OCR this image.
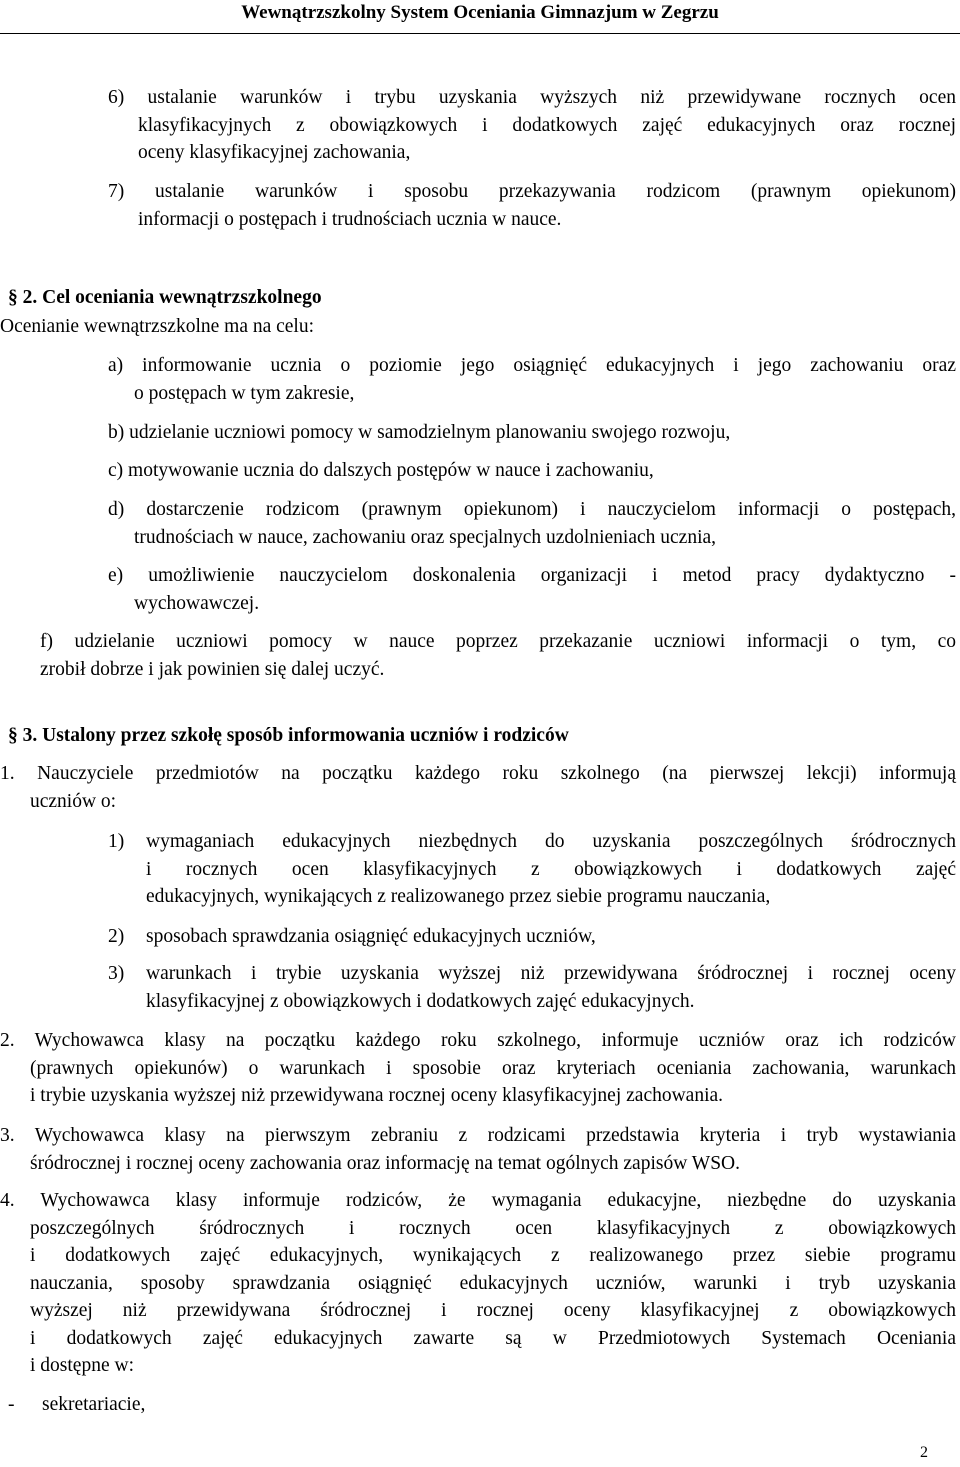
Wewnątrzszkolny System Oceniania Gimnazjum w Zegrzu
6) ustalanie warunków i trybu uzyskania wyższych niż przewidywane rocznych ocen
klasyfikacyjnych z obowiązkowych i dodatkowych zajęć edukacyjnych oraz rocznej
oceny klasyfikacyjnej zachowania,
7) ustalanie warunków i sposobu przekazywania rodzicom (prawnym opiekunom)
informacji o postępach i trudnościach ucznia w nauce.
§ 2. Cel oceniania wewnątrzszkolnego
Ocenianie wewnątrzszkolne ma na celu:
a) informowanie ucznia o poziomie jego osiągnięć edukacyjnych i jego zachowaniu oraz
o postępach w tym zakresie,
b) udzielanie uczniowi pomocy w samodzielnym planowaniu swojego rozwoju,
c) motywowanie ucznia do dalszych postępów w nauce i zachowaniu,
d) dostarczenie rodzicom (prawnym opiekunom) i nauczycielom informacji o postępach,
trudnościach w nauce, zachowaniu oraz specjalnych uzdolnieniach ucznia,
e) umożliwienie nauczycielom doskonalenia organizacji i metod pracy dydaktyczno -
wychowawczej.
f) udzielanie uczniowi pomocy w nauce poprzez przekazanie uczniowi informacji o tym, co
zrobił dobrze i jak powinien się dalej uczyć.
§ 3. Ustalony przez szkołę sposób informowania uczniów i rodziców
1. Nauczyciele przedmiotów na początku każdego roku szkolnego (na pierwszej lekcji) informują
uczniów o:
1) wymaganiach edukacyjnych niezbędnych do uzyskania poszczególnych śródrocznych
i rocznych ocen klasyfikacyjnych z obowiązkowych i dodatkowych zajęć
edukacyjnych, wynikających z realizowanego przez siebie programu nauczania,
2) sposobach sprawdzania osiągnięć edukacyjnych uczniów,
3) warunkach i trybie uzyskania wyższej niż przewidywana śródrocznej i rocznej oceny
klasyfikacyjnej z obowiązkowych i dodatkowych zajęć edukacyjnych.
2. Wychowawca klasy na początku każdego roku szkolnego, informuje uczniów oraz ich rodziców
(prawnych opiekunów) o warunkach i sposobie oraz kryteriach oceniania zachowania, warunkach
i trybie uzyskania wyższej niż przewidywana rocznej oceny klasyfikacyjnej zachowania.
3. Wychowawca klasy na pierwszym zebraniu z rodzicami przedstawia kryteria i tryb wystawiania
śródrocznej i rocznej oceny zachowania oraz informację na temat ogólnych zapisów WSO.
4. Wychowawca klasy informuje rodziców, że wymagania edukacyjne, niezbędne do uzyskania
poszczególnych śródrocznych i rocznych ocen klasyfikacyjnych z obowiązkowych
i dodatkowych zajęć edukacyjnych, wynikających z realizowanego przez siebie programu
nauczania, sposoby sprawdzania osiągnięć edukacyjnych uczniów, warunki i tryb uzyskania
wyższej niż przewidywana śródrocznej i rocznej oceny klasyfikacyjnej z obowiązkowych
i dodatkowych zajęć edukacyjnych zawarte są w Przedmiotowych Systemach Oceniania
i dostępne w:
- sekretariacie,
2
